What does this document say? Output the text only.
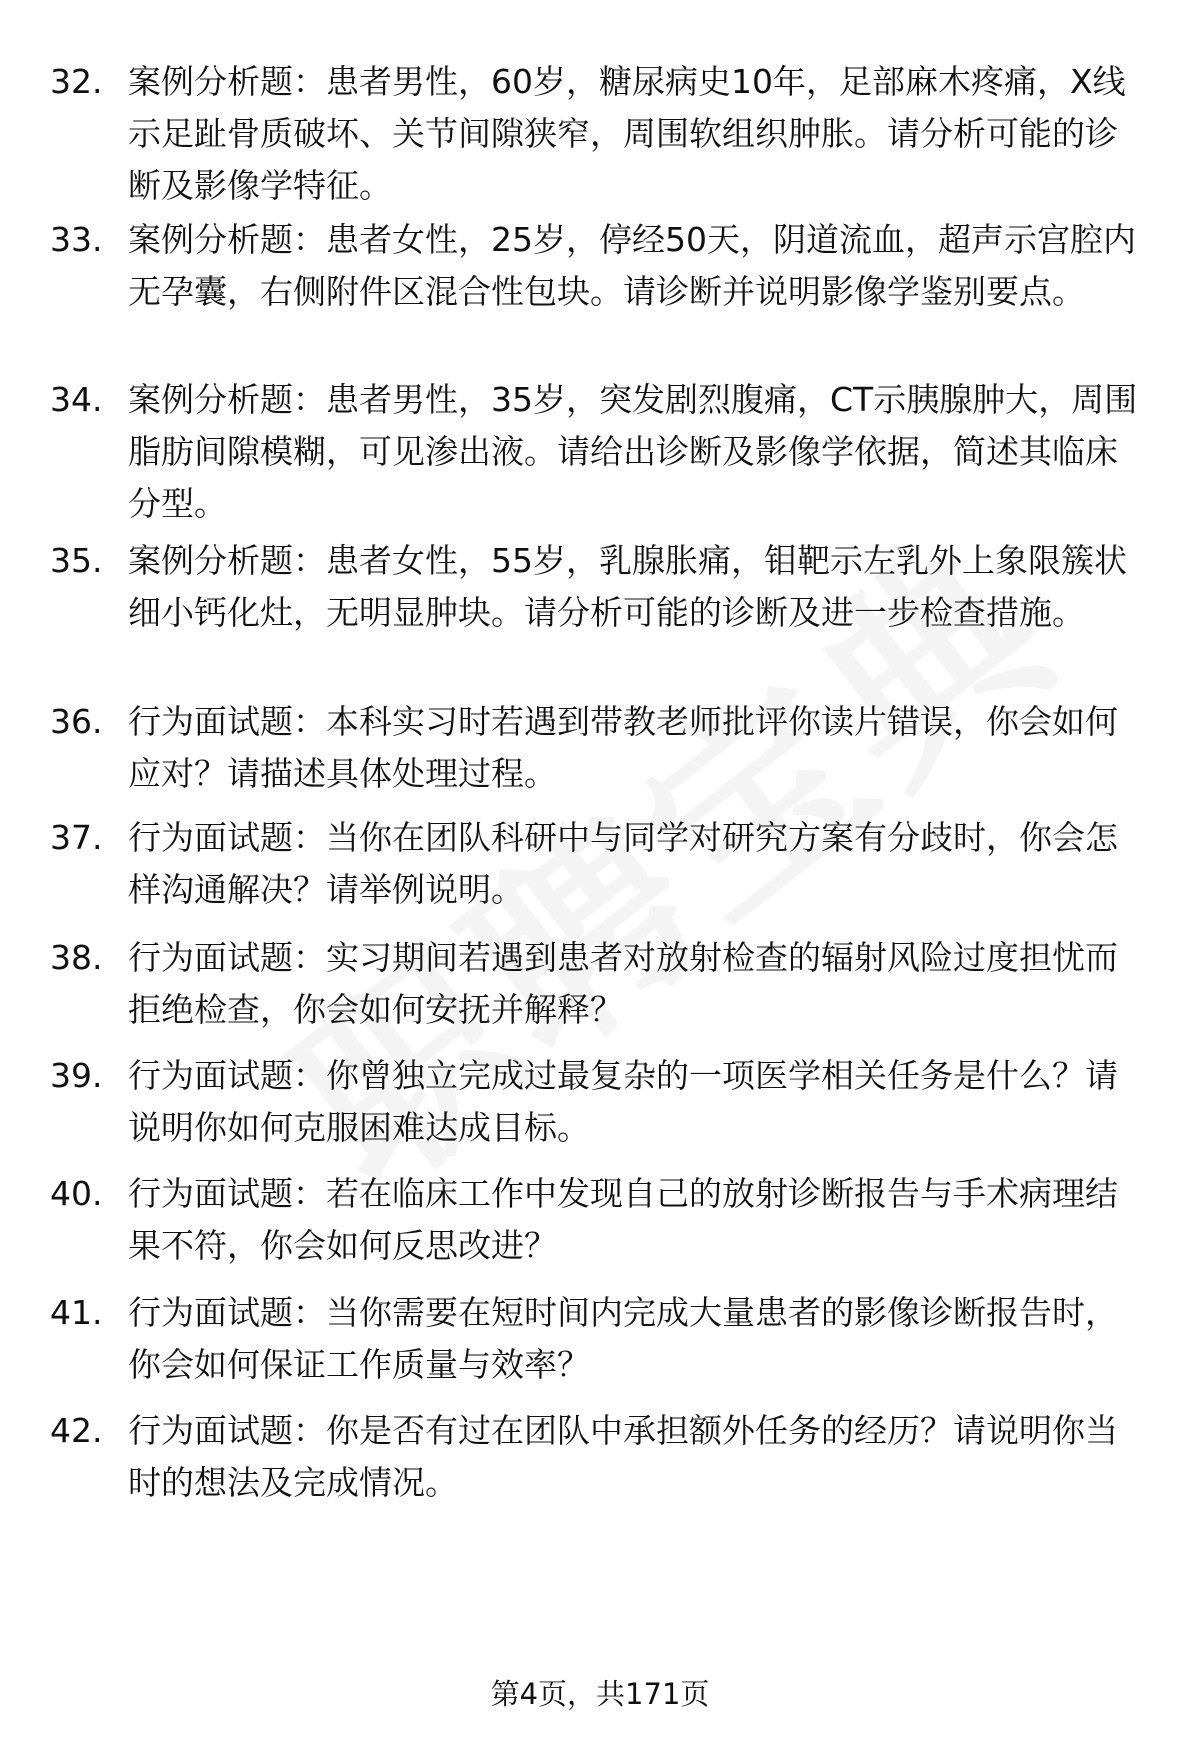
32. 案例分析题：患者男性，60岁，糖尿病史10年，足部麻木疼痛，X线示足趾骨质破坏、关节间隙狭窄，周围软组织肿胀。请分析可能的诊断及影像学特征。
33. 案例分析题：患者女性，25岁，停经50天，阴道流血，超声示宫腔内无孕囊，右侧附件区混合性包块。请诊断并说明影像学鉴别要点。
34. 案例分析题：患者男性，35岁，突发剧烈腹痛，CT示胰腺肿大，周围脂肪间隙模糊，可见渗出液。请给出诊断及影像学依据，简述其临床分型。
35. 案例分析题：患者女性，55岁，乳腺胀痛，钼靶示左乳外上象限簇状细小钙化灶，无明显肿块。请分析可能的诊断及进一步检查措施。
36. 行为面试题：本科实习时若遇到带教老师批评你读片错误，你会如何应对？请描述具体处理过程。
37. 行为面试题：当你在团队科研中与同学对研究方案有分歧时，你会怎样沟通解决？请举例说明。
38. 行为面试题：实习期间若遇到患者对放射检查的辐射风险过度担忧而拒绝检查，你会如何安抚并解释？
39. 行为面试题：你曾独立完成过最复杂的一项医学相关任务是什么？请说明你如何克服困难达成目标。
40. 行为面试题：若在临床工作中发现自己的放射诊断报告与手术病理结果不符，你会如何反思改进？
41. 行为面试题：当你需要在短时间内完成大量患者的影像诊断报告时，你会如何保证工作质量与效率？
42. 行为面试题：你是否有过在团队中承担额外任务的经历？请说明你当时的想法及完成情况。
第4页，共171页
